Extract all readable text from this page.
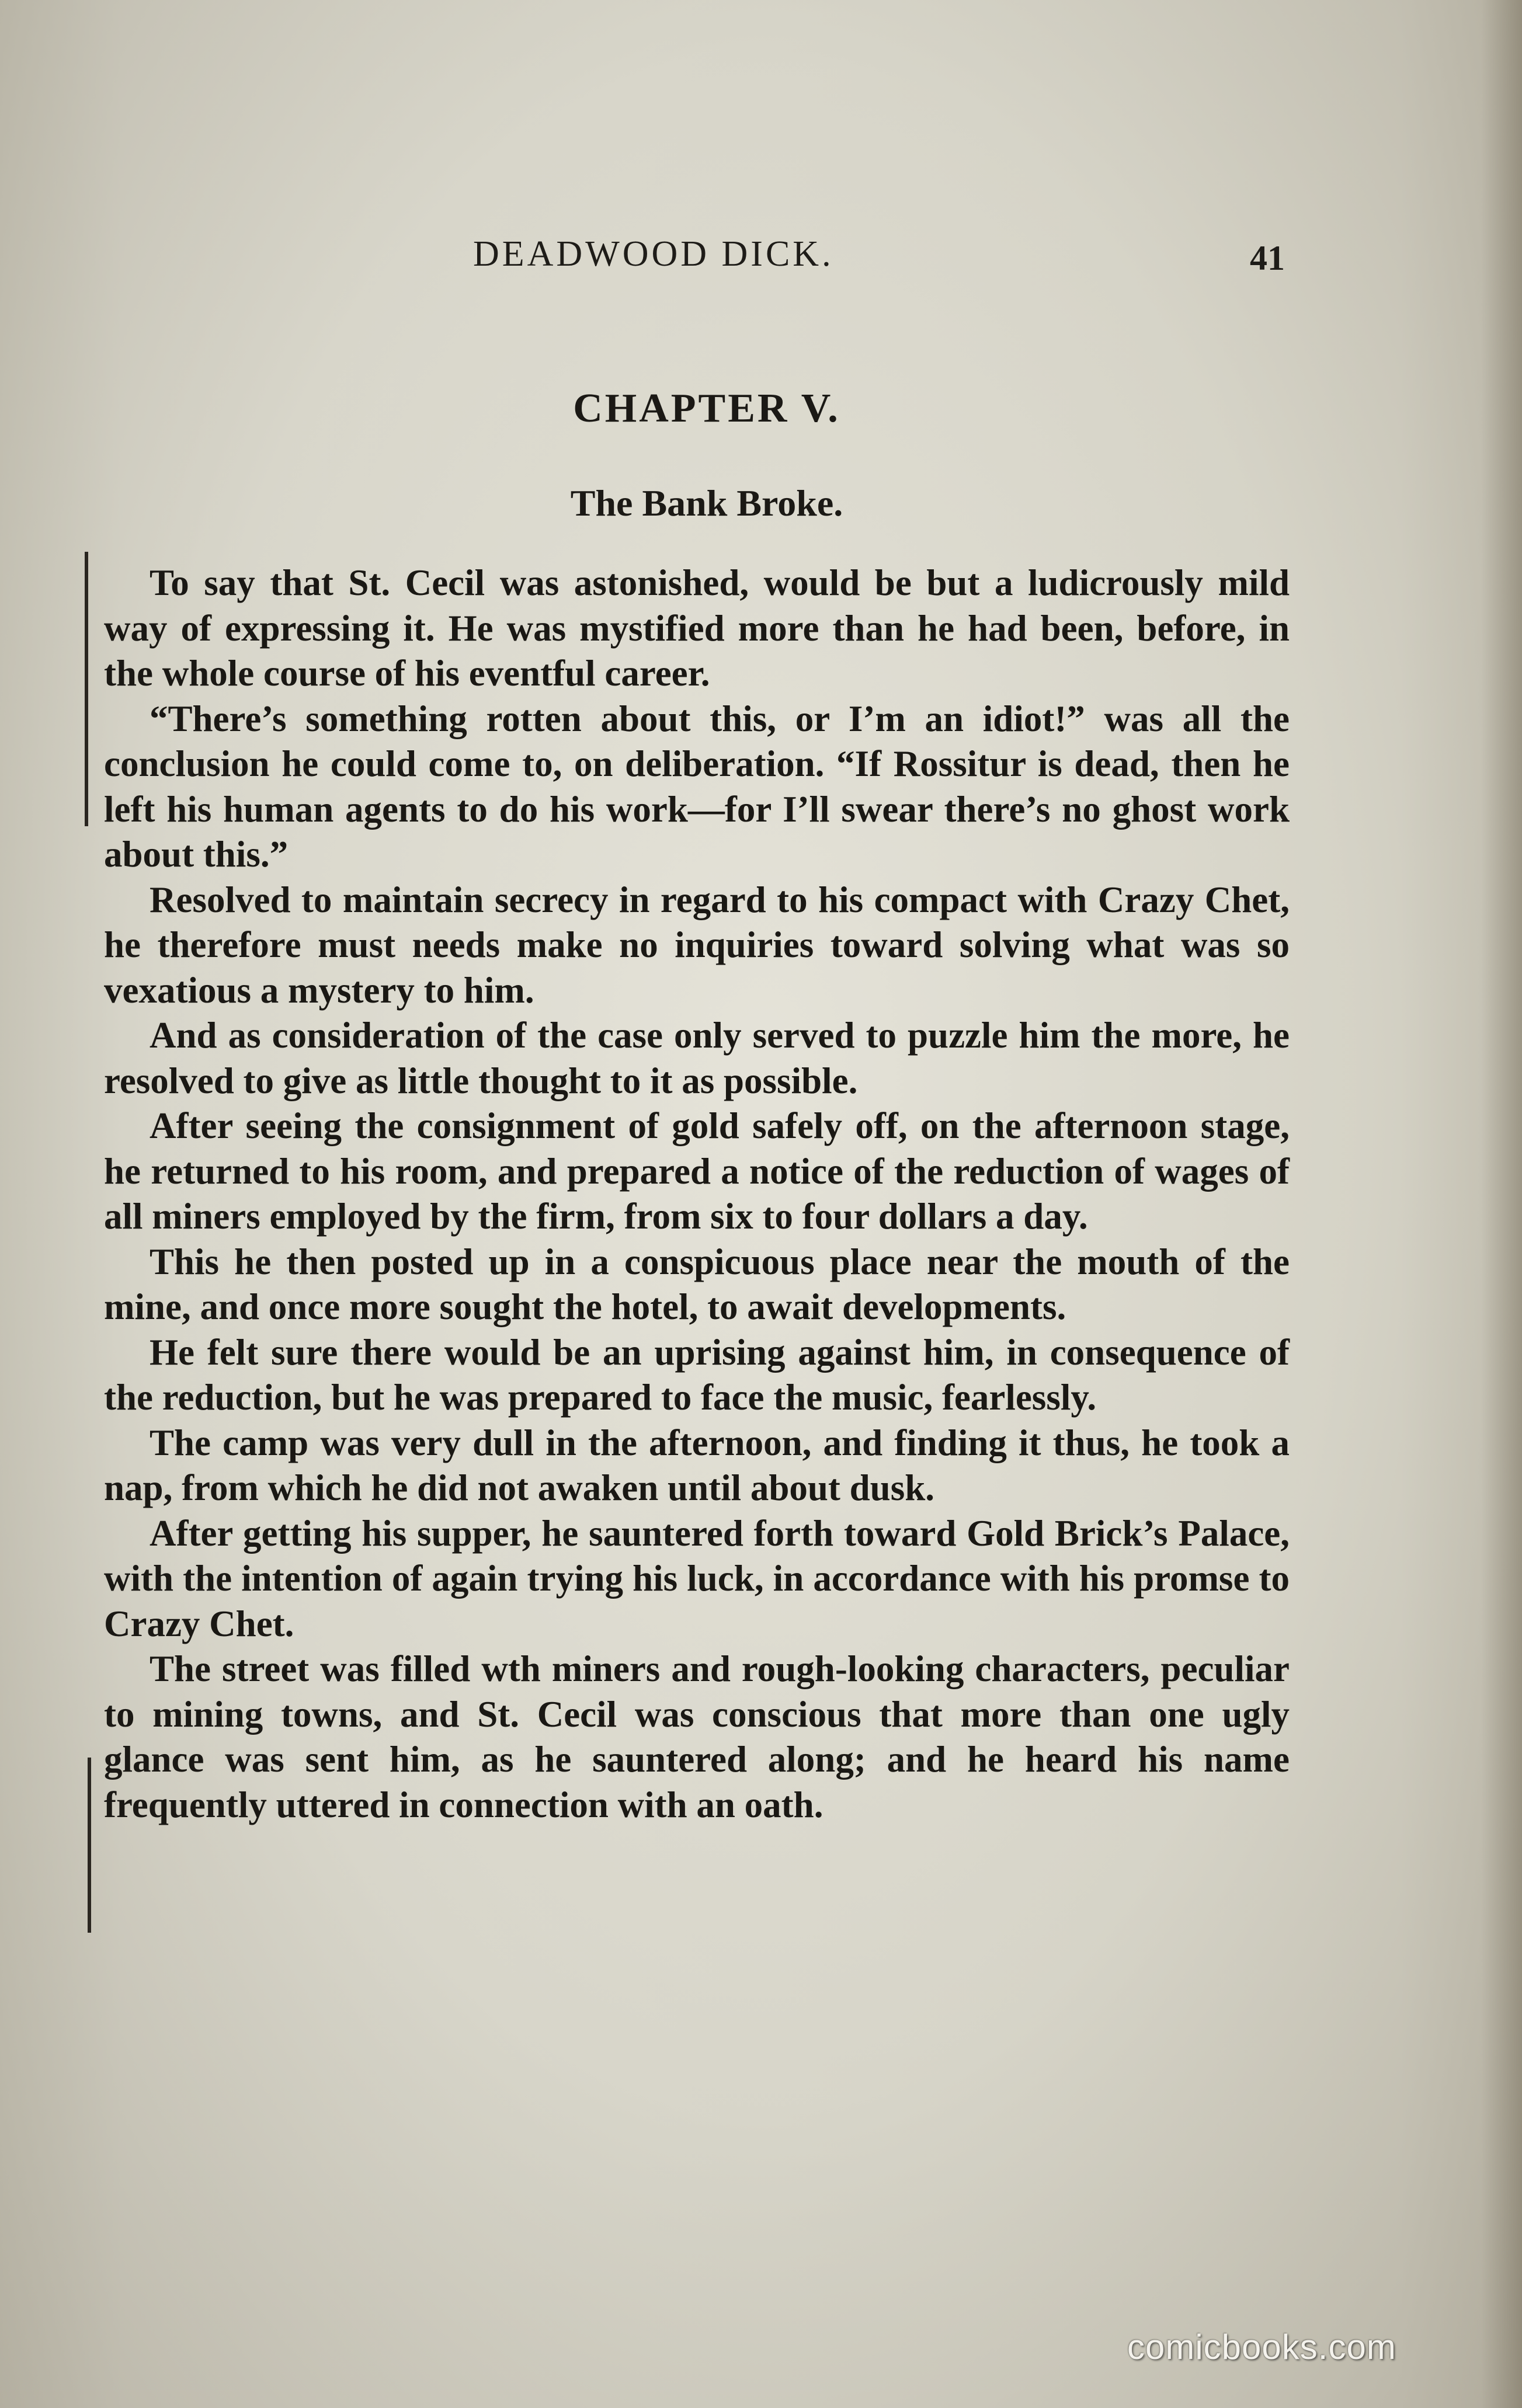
DEADWOOD DICK.	41
CHAPTER V.
The Bank Broke.

To say that St. Cecil was astonished, would be but a ludicrously mild way of expressing it. He was mystified more than he had been, before, in the whole course of his eventful career.

“There’s something rotten about this, or I’m an idiot!” was all the conclusion he could come to, on deliberation. “If Rossitur is dead, then he left his human agents to do his work—for I’ll swear there’s no ghost work about this.”

Resolved to maintain secrecy in regard to his compact with Crazy Chet, he therefore must needs make no inquiries toward solving what was so vexatious a mystery to him.

And as consideration of the case only served to puzzle him the more, he resolved to give as little thought to it as possible.

After seeing the consignment of gold safely off, on the afternoon stage, he returned to his room, and prepared a notice of the reduction of wages of all miners employed by the firm, from six to four dollars a day.

This he then posted up in a conspicuous place near the mouth of the mine, and once more sought the hotel, to await developments.

He felt sure there would be an uprising against him, in consequence of the reduction, but he was prepared to face the music, fearlessly.

The camp was very dull in the afternoon, and finding it thus, he took a nap, from which he did not awaken until about dusk.

After getting his supper, he sauntered forth toward Gold Brick’s Palace, with the intention of again trying his luck, in accordance with his promse to Crazy Chet.

The street was filled wth miners and rough-looking characters, peculiar to mining towns, and St. Cecil was conscious that more than one ugly glance was sent him, as he sauntered along; and he heard his name frequently uttered in connection with an oath.

comicbooks.com
